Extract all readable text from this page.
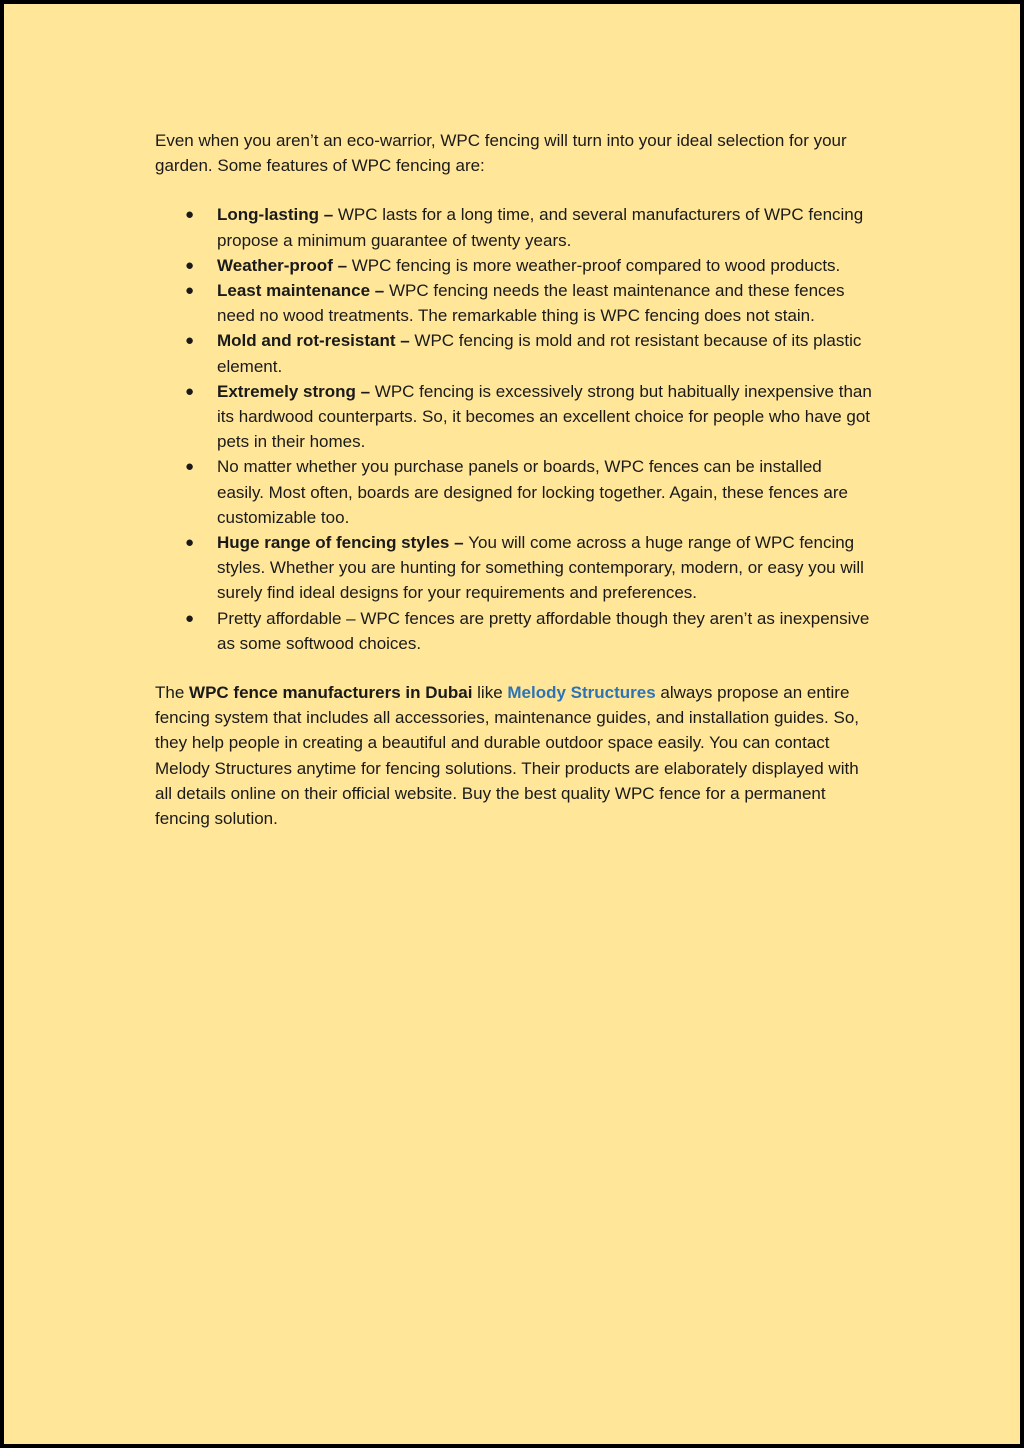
Even when you aren’t an eco-warrior, WPC fencing will turn into your ideal selection for your garden. Some features of WPC fencing are:

● Long-lasting – WPC lasts for a long time, and several manufacturers of WPC fencing propose a minimum guarantee of twenty years.
● Weather-proof – WPC fencing is more weather-proof compared to wood products.
● Least maintenance – WPC fencing needs the least maintenance and these fences need no wood treatments. The remarkable thing is WPC fencing does not stain.
● Mold and rot-resistant – WPC fencing is mold and rot resistant because of its plastic element.
● Extremely strong – WPC fencing is excessively strong but habitually inexpensive than its hardwood counterparts. So, it becomes an excellent choice for people who have got pets in their homes.
● No matter whether you purchase panels or boards, WPC fences can be installed easily. Most often, boards are designed for locking together. Again, these fences are customizable too.
● Huge range of fencing styles – You will come across a huge range of WPC fencing styles. Whether you are hunting for something contemporary, modern, or easy you will surely find ideal designs for your requirements and preferences.
● Pretty affordable – WPC fences are pretty affordable though they aren’t as inexpensive as some softwood choices.

The WPC fence manufacturers in Dubai like Melody Structures always propose an entire fencing system that includes all accessories, maintenance guides, and installation guides. So, they help people in creating a beautiful and durable outdoor space easily. You can contact Melody Structures anytime for fencing solutions. Their products are elaborately displayed with all details online on their official website. Buy the best quality WPC fence for a permanent fencing solution.
